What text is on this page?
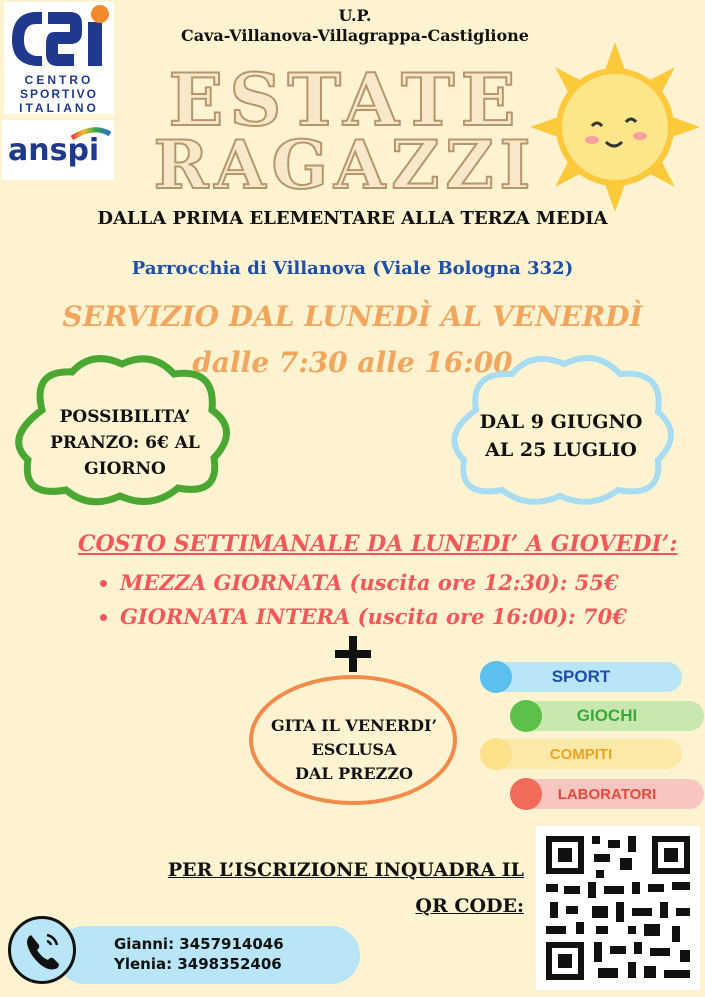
CENTRO
SPORTIVO
ITALIANO
anspi
U.P.
Cava-Villanova-Villagrappa-Castiglione
ESTATE
RAGAZZI
DALLA PRIMA ELEMENTARE ALLA TERZA MEDIA
Parrocchia di Villanova (Viale Bologna 332)
SERVIZIO DAL LUNEDÌ AL VENERDÌ
dalle 7:30 alle 16:00
POSSIBILITA’
PRANZO: 6€ AL
GIORNO
DAL 9 GIUGNO
AL 25 LUGLIO
COSTO SETTIMANALE DA LUNEDI’ A GIOVEDI’:
• MEZZA GIORNATA (uscita ore 12:30): 55€
• GIORNATA INTERA (uscita ore 16:00): 70€
GITA IL VENERDI’
ESCLUSA
DAL PREZZO
SPORT
GIOCHI
COMPITI
LABORATORI
PER L’ISCRIZIONE INQUADRA IL
QR CODE:
Gianni: 3457914046
Ylenia: 3498352406
